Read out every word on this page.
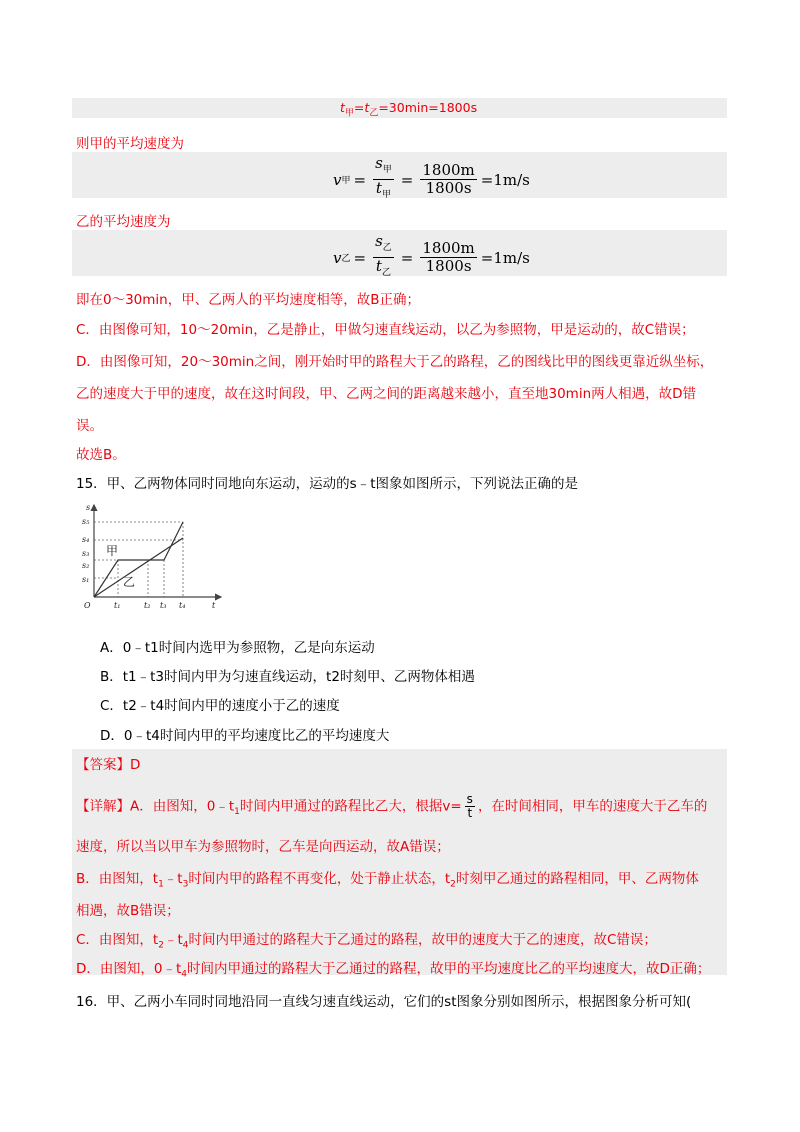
$t_甲=t_乙=30\min=1800s$
则甲的平均速度为
v 甲 = $\frac{s_甲}{t_甲} = \frac{1800m}{1800s} =1m/s$
乙的平均速度为
v 乙 = $\frac{s_乙}{t_乙} = \frac{1800m}{1800s} =1m/s$
即在0～30min，甲、乙两人的平均速度相等，故B正确；
C．由图像可知，10～20min，乙是静止，甲做匀速直线运动，以乙为参照物，甲是运动的，故C错误；
D．由图像可知，20～30min之间，刚开始时甲的路程大于乙的路程，乙的图线比甲的图线更靠近纵坐标，
乙的速度大于甲的速度，故在这时间段，甲、乙两之间的距离越来越小，直至地30min两人相遇，故D错
误。
故选B。
15．甲、乙两物体同时同地向东运动，运动的s﹣t图象如图所示，下列说法正确的是
s
t
O
s₅
s₄
s₃
s₂
s₁
t₁	t₂ t₃ t₄
甲
乙
A．0﹣t1时间内选甲为参照物，乙是向东运动
B．t1﹣t3时间内甲为匀速直线运动，t2时刻甲、乙两物体相遇
C．t2﹣t4时间内甲的速度小于乙的速度
D．0﹣t4时间内甲的平均速度比乙的平均速度大
【答案】D
【详解】A．由图知，$0﹣t_1$时间内甲通过的路程比乙大，根据$v= \frac{s}{t}$ ，在时间相同，甲车的速度大于乙车的
速度，所以当以甲车为参照物时，乙车是向西运动，故A错误；
B．由图知，$t_1﹣t_3$时间内甲的路程不再变化，处于静止状态，$t_2$时刻甲乙通过的路程相同，甲、乙两物体
相遇，故B错误；
C．由图知，$t_2﹣t_4$时间内甲通过的路程大于乙通过的路程，故甲的速度大于乙的速度，故C错误；
D．由图知，$0﹣t_4$时间内甲通过的路程大于乙通过的路程，故甲的平均速度比乙的平均速度大，故D正确；
16．甲、乙两小车同时同地沿同一直线匀速直线运动，它们的st图象分别如图所示，根据图象分析可知(
